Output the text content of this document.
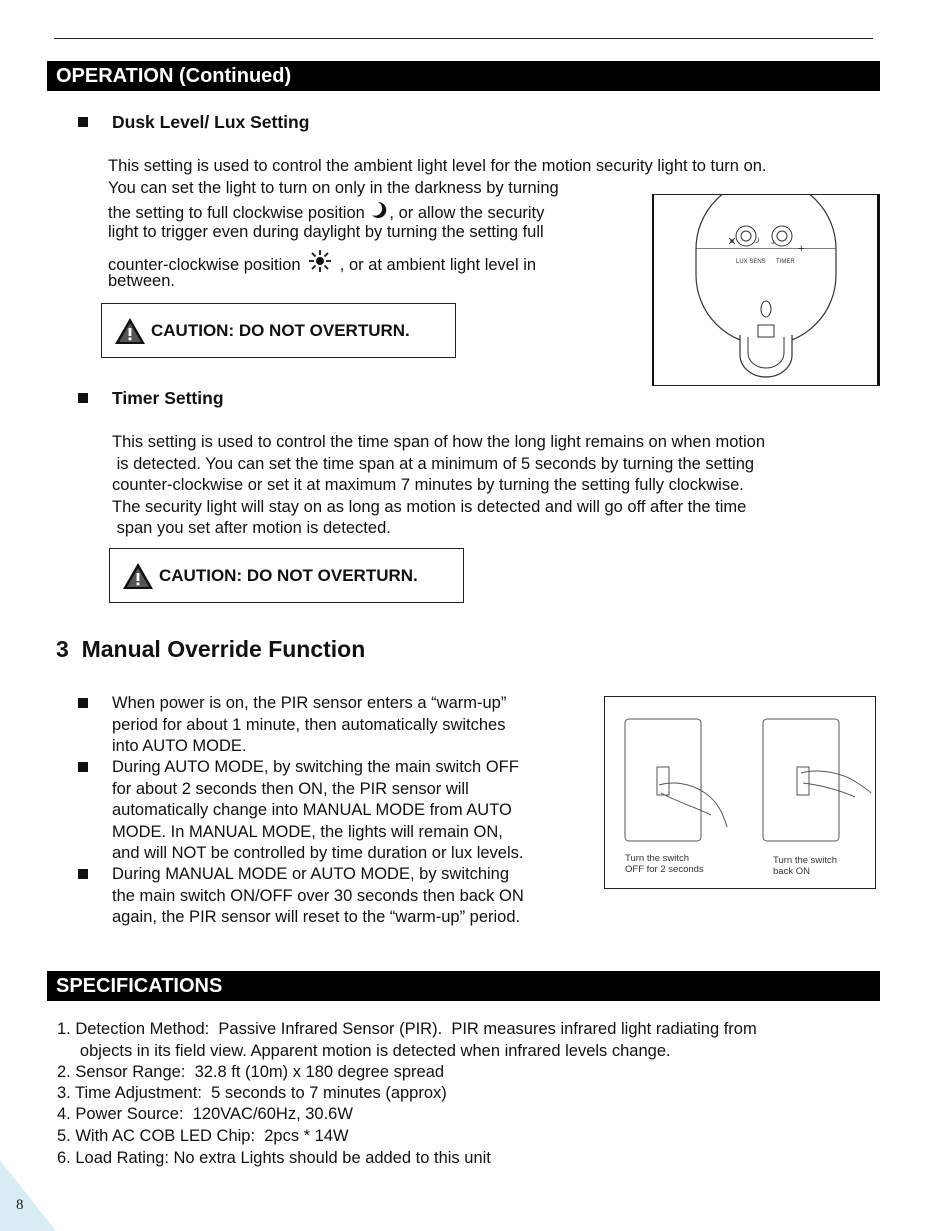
OPERATION (Continued)
Dusk Level/ Lux Setting
This setting is used to control the ambient light level for the motion security light to turn on.
You can set the light to turn on only in the darkness by turning
the setting to full clockwise position , or allow the security
light to trigger even during daylight by turning the setting full
counter-clockwise position , or at ambient light level in
between.
CAUTION: DO NOT OVERTURN.
- +
LUX SENS TIMER
Timer Setting
This setting is used to control the time span of how the long light remains on when motion
is detected. You can set the time span at a minimum of 5 seconds by turning the setting
counter-clockwise or set it at maximum 7 minutes by turning the setting fully clockwise.
The security light will stay on as long as motion is detected and will go off after the time
span you set after motion is detected.
CAUTION: DO NOT OVERTURN.
3  Manual Override Function
When power is on, the PIR sensor enters a “warm-up”
period for about 1 minute, then automatically switches
into AUTO MODE.
During AUTO MODE, by switching the main switch OFF
for about 2 seconds then ON, the PIR sensor will
automatically change into MANUAL MODE from AUTO
MODE. In MANUAL MODE, the lights will remain ON,
and will NOT be controlled by time duration or lux levels.
During MANUAL MODE or AUTO MODE, by switching
the main switch ON/OFF over 30 seconds then back ON
again, the PIR sensor will reset to the “warm-up” period.
Turn the switch
OFF for 2 seconds
Turn the switch
back ON
SPECIFICATIONS
1. Detection Method:  Passive Infrared Sensor (PIR).  PIR measures infrared light radiating from
objects in its field view. Apparent motion is detected when infrared levels change.
2. Sensor Range:  32.8 ft (10m) x 180 degree spread
3. Time Adjustment:  5 seconds to 7 minutes (approx)
4. Power Source:  120VAC/60Hz, 30.6W
5. With AC COB LED Chip:  2pcs * 14W
6. Load Rating: No extra Lights should be added to this unit
8
